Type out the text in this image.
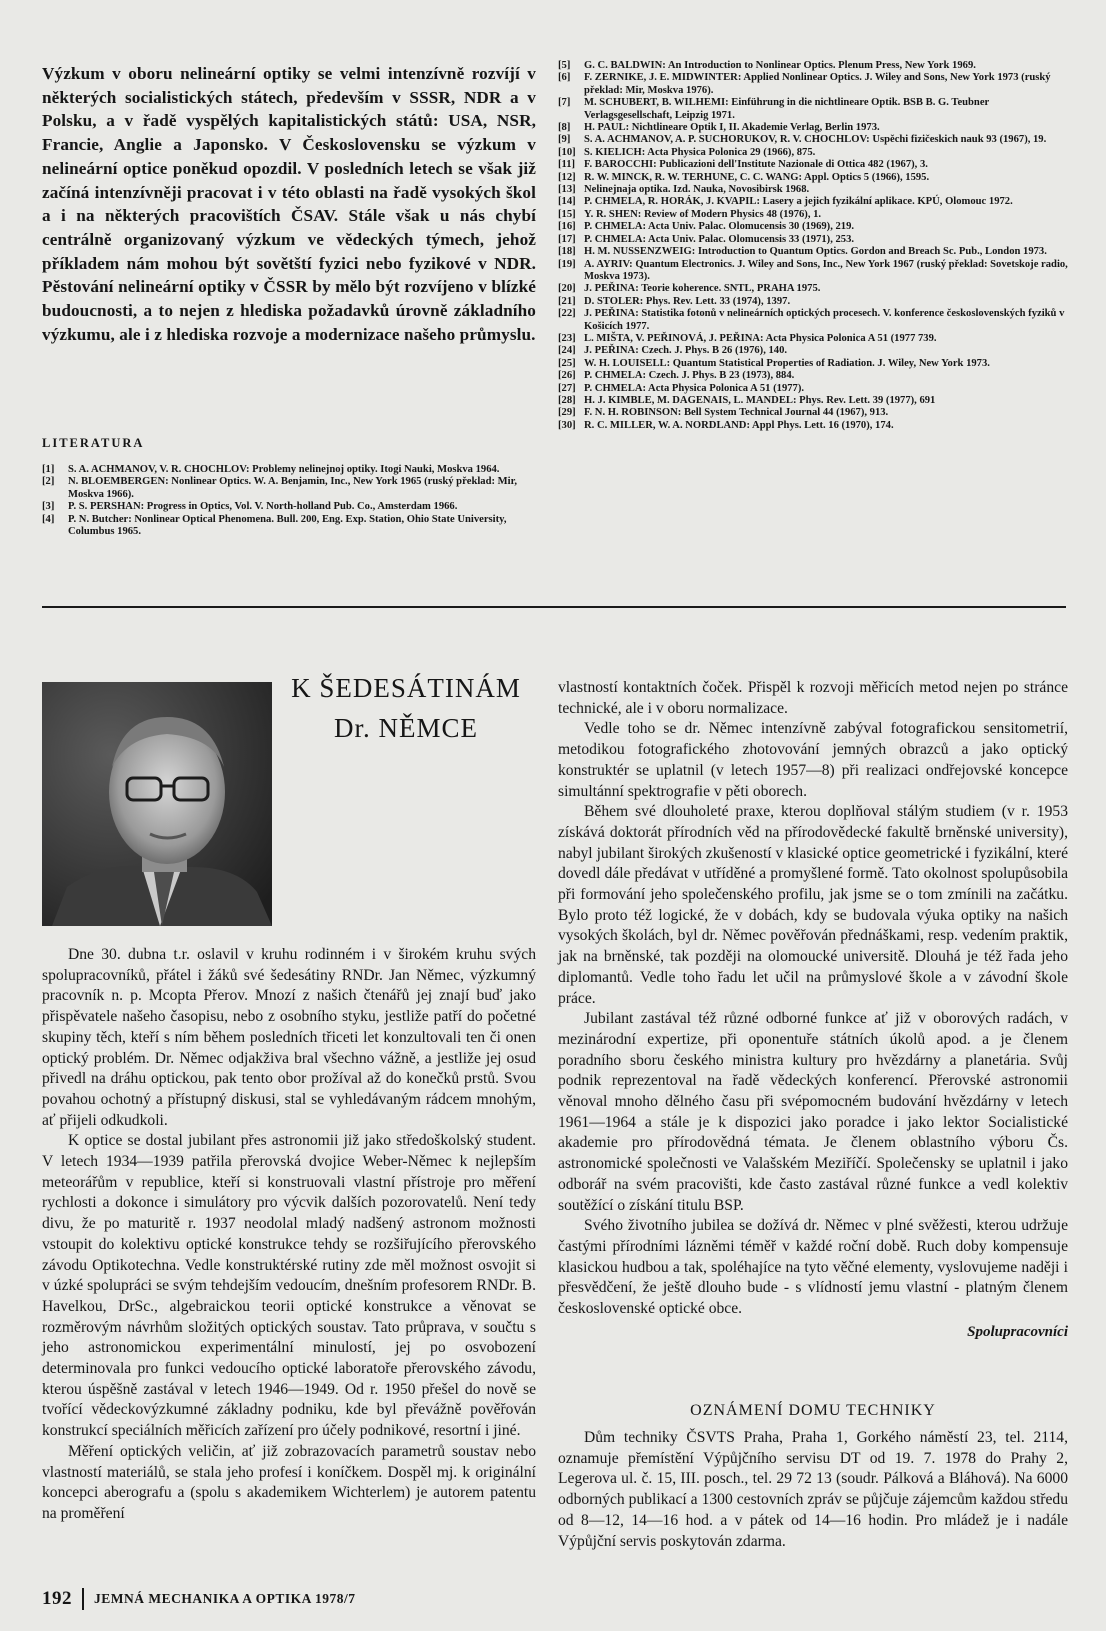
Výzkum v oboru nelineární optiky se velmi intenzívně rozvíjí v některých socialistických státech, především v SSSR, NDR a v Polsku, a v řadě vyspělých kapitalistických států: USA, NSR, Francie, Anglie a Japonsko. V Československu se výzkum v nelineární optice poněkud opozdil. V posledních letech se však již začíná intenzívněji pracovat i v této oblasti na řadě vysokých škol a i na některých pracovištích ČSAV. Stále však u nás chybí centrálně organizovaný výzkum ve vědeckých týmech, jehož příkladem nám mohou být sovětští fyzici nebo fyzikové v NDR. Pěstování nelineární optiky v ČSSR by mělo být rozvíjeno v blízké budoucnosti, a to nejen z hlediska požadavků úrovně základního výzkumu, ale i z hlediska rozvoje a modernizace našeho průmyslu.
LITERATURA
[1]	S. A. ACHMANOV, V. R. CHOCHLOV: Problemy nelinejnoj optiky. Itogi Nauki, Moskva 1964.
[2]	N. BLOEMBERGEN: Nonlinear Optics. W. A. Benjamin, Inc., New York 1965 (ruský překlad: Mir, Moskva 1966).
[3]	P. S. PERSHAN: Progress in Optics, Vol. V. North-holland Pub. Co., Amsterdam 1966.
[4]	P. N. Butcher: Nonlinear Optical Phenomena. Bull. 200, Eng. Exp. Station, Ohio State University, Columbus 1965.
[5]	G. C. BALDWIN: An Introduction to Nonlinear Optics. Plenum Press, New York 1969.
[6]	F. ZERNIKE, J. E. MIDWINTER: Applied Nonlinear Optics. J. Wiley and Sons, New York 1973 (ruský překlad: Mir, Moskva 1976).
[7]	M. SCHUBERT, B. WILHEMI: Einführung in die nichtlineare Optik. BSB B. G. Teubner Verlagsgesellschaft, Leipzig 1971.
[8]	H. PAUL: Nichtlineare Optik I, II. Akademie Verlag, Berlin 1973.
[9]	S. A. ACHMANOV, A. P. SUCHORUKOV, R. V. CHOCHLOV: Uspěchi fizičeskich nauk 93 (1967), 19.
[10] S. KIELICH: Acta Physica Polonica 29 (1966), 875.
[11] F. BAROCCHI: Publicazioni dell'Institute Nazionale di Ottica 482 (1967), 3.
[12] R. W. MINCK, R. W. TERHUNE, C. C. WANG: Appl. Optics 5 (1966), 1595.
[13] Nelinejnaja optika. Izd. Nauka, Novosibirsk 1968.
[14] P. CHMELA, R. HORÁK, J. KVAPIL: Lasery a jejich fyzikální aplikace. KPÚ, Olomouc 1972.
[15] Y. R. SHEN: Review of Modern Physics 48 (1976), 1.
[16] P. CHMELA: Acta Univ. Palac. Olomucensis 30 (1969), 219.
[17] P. CHMELA: Acta Univ. Palac. Olomucensis 33 (1971), 253.
[18] H. M. NUSSENZWEIG: Introduction to Quantum Optics. Gordon and Breach Sc. Pub., London 1973.
[19] A. AYRIV: Quantum Electronics. J. Wiley and Sons, Inc., New York 1967 (ruský překlad: Sovetskoje radio, Moskva 1973).
[20] J. PEŘINA: Teorie koherence. SNTL, PRAHA 1975.
[21] D. STOLER: Phys. Rev. Lett. 33 (1974), 1397.
[22] J. PEŘINA: Statistika fotonů v nelineárních optických procesech. V. konference československých fyziků v Košicích 1977.
[23] L. MIŠTA, V. PEŘINOVÁ, J. PEŘINA: Acta Physica Polonica A 51 (1977 739.
[24] J. PEŘINA: Czech. J. Phys. B 26 (1976), 140.
[25] W. H. LOUISELL: Quantum Statistical Properties of Radiation. J. Wiley, New York 1973.
[26] P. CHMELA: Czech. J. Phys. B 23 (1973), 884.
[27] P. CHMELA: Acta Physica Polonica A 51 (1977).
[28] H. J. KIMBLE, M. DAGENAIS, L. MANDEL: Phys. Rev. Lett. 39 (1977), 691
[29] F. N. H. ROBINSON: Bell System Technical Journal 44 (1967), 913.
[30] R. C. MILLER, W. A. NORDLAND: Appl Phys. Lett. 16 (1970), 174.
K ŠEDESÁTINÁM
Dr. NĚMCE

Dne 30. dubna t.r. oslavil v kruhu rodinném i v širokém kruhu svých spolupracovníků, přátel i žáků své šedesátiny RNDr. Jan Němec, výzkumný pracovník n. p. Mcopta Přerov. Mnozí z našich čtenářů jej znají buď jako přispěvatele našeho časopisu, nebo z osobního styku, jestliže patří do početné skupiny těch, kteří s ním během posledních třiceti let konzultovali ten či onen optický problém. Dr. Němec odjakživa bral všechno vážně, a jestliže jej osud přivedl na dráhu optickou, pak tento obor prožíval až do konečků prstů. Svou povahou ochotný a přístupný diskusi, stal se vyhledávaným rádcem mnohým, ať přijeli odkudkoli.

K optice se dostal jubilant přes astronomii již jako středoškolský student. V letech 1934—1939 patřila přerovská dvojice Weber-Němec k nejlepším meteorářům v republice, kteří si konstruovali vlastní přístroje pro měření rychlosti a dokonce i simulátory pro výcvik dalších pozorovatelů. Není tedy divu, že po maturitě r. 1937 neodolal mladý nadšený astronom možnosti vstoupit do kolektivu optické konstrukce tehdy se rozšiřujícího přerovského závodu Optikotechna. Vedle konstruktérské rutiny zde měl možnost osvojit si v úzké spolupráci se svým tehdejším vedoucím, dnešním profesorem RNDr. B. Havelkou, DrSc., algebraickou teorii optické konstrukce a věnovat se rozměrovým návrhům složitých optických soustav. Tato průprava, v součtu s jeho astronomickou experimentální minulostí, jej po osvobození determinovala pro funkci vedoucího optické laboratoře přerovského závodu, kterou úspěšně zastával v letech 1946—1949. Od r. 1950 přešel do nově se tvořící vědeckovýzkumné základny podniku, kde byl převážně pověřován konstrukcí speciálních měřicích zařízení pro účely podnikové, resortní i jiné.

Měření optických veličin, ať již zobrazovacích parametrů soustav nebo vlastností materiálů, se stala jeho profesí i koníčkem. Dospěl mj. k originální koncepci aberografu a (spolu s akademikem Wichterlem) je autorem patentu na proměření

vlastností kontaktních čoček. Přispěl k rozvoji měřicích metod nejen po stránce technické, ale i v oboru normalizace.

Vedle toho se dr. Němec intenzívně zabýval fotografickou sensitometrií, metodikou fotografického zhotovování jemných obrazců a jako optický konstruktér se uplatnil (v letech 1957—8) při realizaci ondřejovské koncepce simultánní spektrografie v pěti oborech.

Během své dlouholeté praxe, kterou doplňoval stálým studiem (v r. 1953 získává doktorát přírodních věd na přírodovědecké fakultě brněnské university), nabyl jubilant širokých zkušeností v klasické optice geometrické i fyzikální, které dovedl dále předávat v utříděné a promyšlené formě. Tato okolnost spolupůsobila při formování jeho společenského profilu, jak jsme se o tom zmínili na začátku. Bylo proto též logické, že v dobách, kdy se budovala výuka optiky na našich vysokých školách, byl dr. Němec pověřován přednáškami, resp. vedením praktik, jak na brněnské, tak později na olomoucké universitě. Dlouhá je též řada jeho diplomantů. Vedle toho řadu let učil na průmyslové škole a v závodní škole práce.

Jubilant zastával též různé odborné funkce ať již v oborových radách, v mezinárodní expertize, při oponentuře státních úkolů apod. a je členem poradního sboru českého ministra kultury pro hvězdárny a planetária. Svůj podnik reprezentoval na řadě vědeckých konferencí. Přerovské astronomii věnoval mnoho dělného času při svépomocném budování hvězdárny v letech 1961—1964 a stále je k dispozici jako poradce i jako lektor Socialistické akademie pro přírodovědná témata. Je členem oblastního výboru Čs. astronomické společnosti ve Valašském Meziříčí. Společensky se uplatnil i jako odborář na svém pracovišti, kde často zastával různé funkce a vedl kolektiv soutěžící o získání titulu BSP.

Svého životního jubilea se dožívá dr. Němec v plné svěžesti, kterou udržuje častými přírodními lázněmi téměř v každé roční době. Ruch doby kompensuje klasickou hudbou a tak, spoléhajíce na tyto věčné elementy, vyslovujeme naději i přesvědčení, že ještě dlouho bude - s vlídností jemu vlastní - platným členem československé optické obce.

Spolupracovníci
OZNÁMENÍ DOMU TECHNIKY

Dům techniky ČSVTS Praha, Praha 1, Gorkého náměstí 23, tel. 2114, oznamuje přemístění Výpůjčního servisu DT od 19. 7. 1978 do Prahy 2, Legerova ul. č. 15, III. posch., tel. 29 72 13 (soudr. Pálková a Bláhová). Na 6000 odborných publikací a 1300 cestovních zpráv se půjčuje zájemcům každou středu od 8—12, 14—16 hod. a v pátek od 14—16 hodin. Pro mládež je i nadále Výpůjční servis poskytován zdarma.

192 JEMNÁ MECHANIKA A OPTIKA 1978/7
